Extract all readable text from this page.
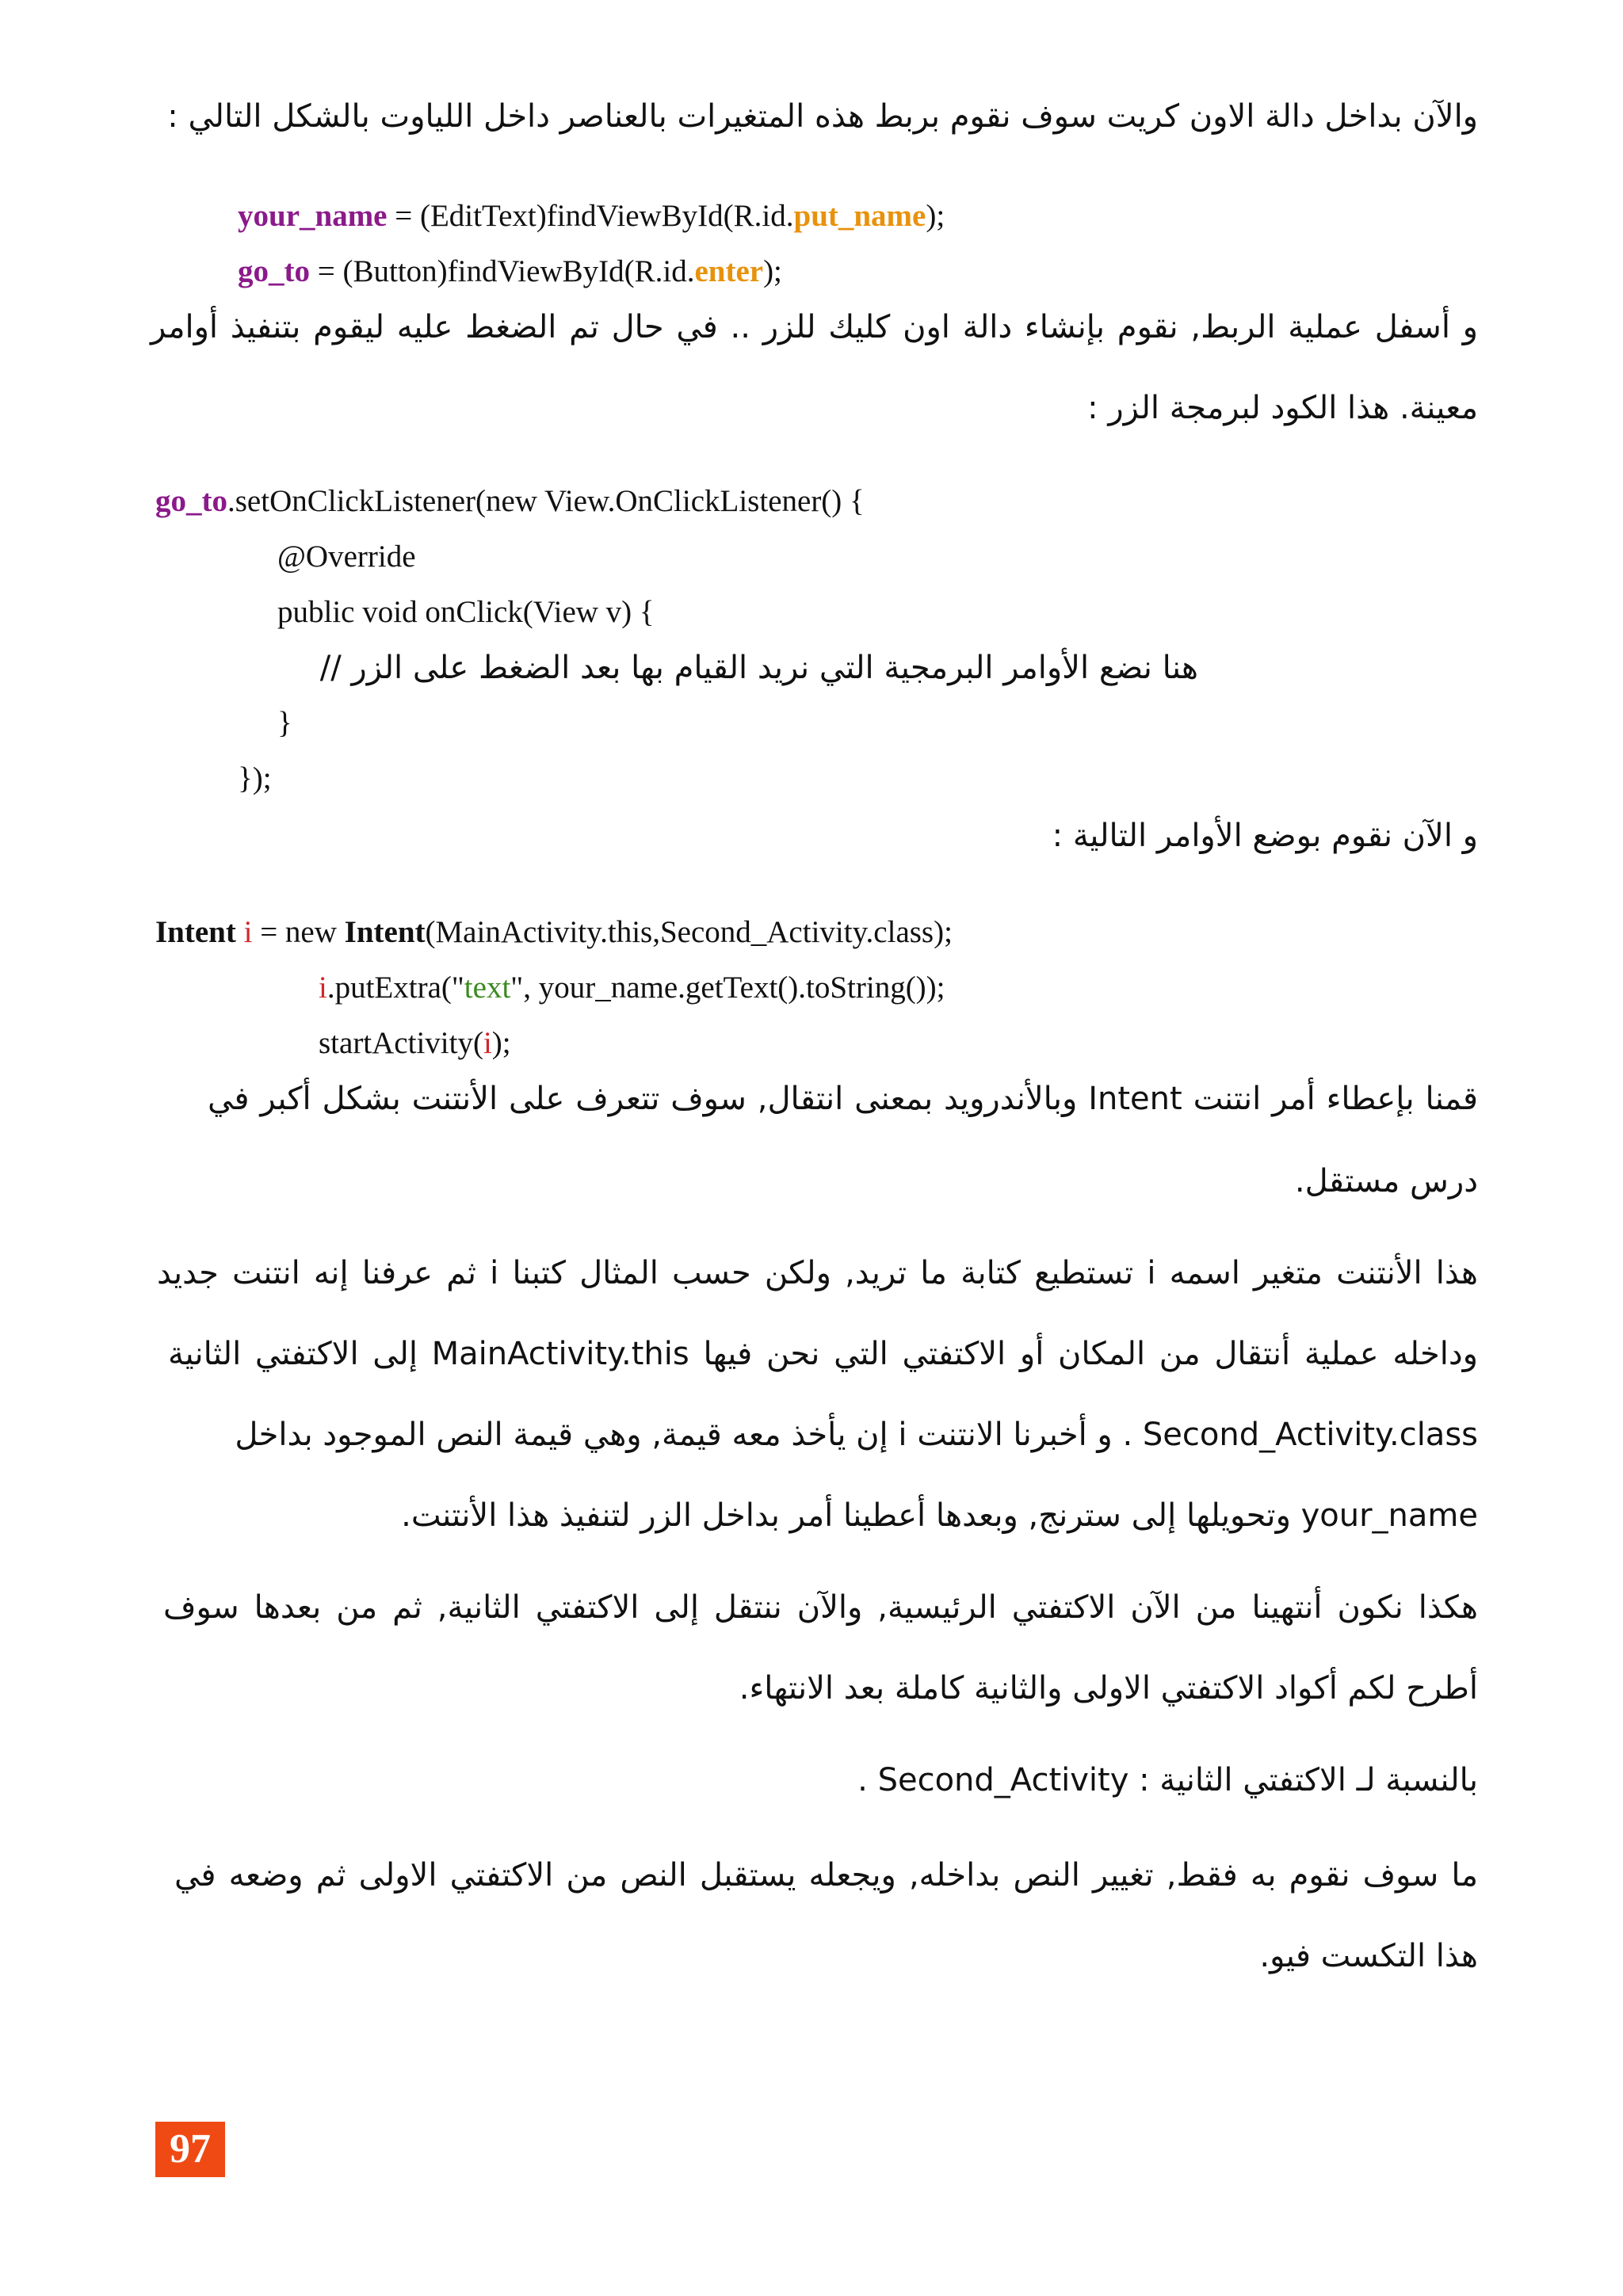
والآن بداخل دالة الاون كريت سوف نقوم بربط هذه المتغيرات بالعناصر داخل اللياوت بالشكل التالي :
your_name = (EditText)findViewById(R.id.put_name);
go_to = (Button)findViewById(R.id.enter);
و أسفل عملية الربط, نقوم بإنشاء دالة اون كليك للزر .. في حال تم الضغط عليه ليقوم بتنفيذ أوامر
معينة. هذا الكود لبرمجة الزر :
go_to.setOnClickListener(new View.OnClickListener() {
@Override
public void onClick(View v) {
هنا نضع الأوامر البرمجية التي نريد القيام بها بعد الضغط على الزر //
}
});
و الآن نقوم بوضع الأوامر التالية :
Intent i = new Intent(MainActivity.this,Second_Activity.class);
i.putExtra("text", your_name.getText().toString());
startActivity(i);
قمنا بإعطاء أمر انتنت Intent وبالأندرويد بمعنى انتقال, سوف تتعرف على الأنتنت بشكل أكبر في
درس مستقل.
هذا الأنتنت متغير اسمه i تستطيع كتابة ما تريد, ولكن حسب المثال كتبنا i ثم عرفنا إنه انتنت جديد
وداخله عملية أنتقال من المكان أو الاكتفتي التي نحن فيها MainActivity.this إلى الاكتفتي الثانية
Second_Activity.class . و أخبرنا الانتنت i إن يأخذ معه قيمة, وهي قيمة النص الموجود بداخل
your_name وتحويلها إلى سترنج, وبعدها أعطينا أمر بداخل الزر لتنفيذ هذا الأنتنت.
هكذا نكون أنتهينا من الآن الاكتفتي الرئيسية, والآن ننتقل إلى الاكتفتي الثانية, ثم من بعدها سوف
أطرح لكم أكواد الاكتفتي الاولى والثانية كاملة بعد الانتهاء.
بالنسبة لـ الاكتفتي الثانية : Second_Activity .
ما سوف نقوم به فقط, تغيير النص بداخله, ويجعله يستقبل النص من الاكتفتي الاولى ثم وضعه في
هذا التكست فيو.
97
